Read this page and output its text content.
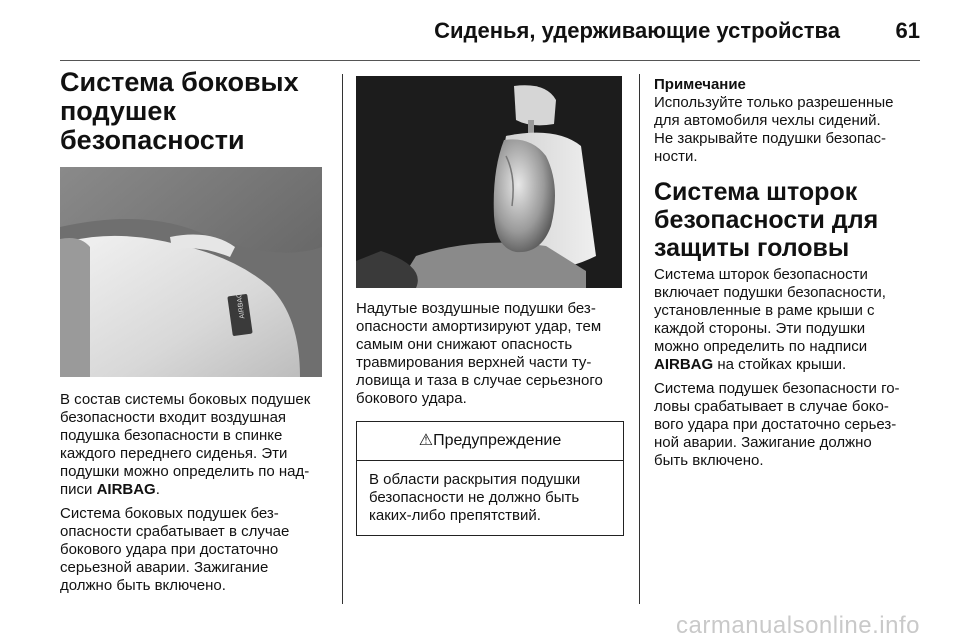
Сиденья, удерживающие устройства	61
Система боковых
подушек безопасности
AIRBAG

В состав системы боковых подушек
безопасности входит воздушная
подушка безопасности в спинке
каждого переднего сиденья. Эти
подушки можно определить по над-
писи AIRBAG.

Система боковых подушек без-
опасности срабатывает в случае
бокового удара при достаточно
серьезной аварии. Зажигание
должно быть включено.

Надутые воздушные подушки без-
опасности амортизируют удар, тем
самым они снижают опасность
травмирования верхней части ту-
ловища и таза в случае серьезного
бокового удара.

⚠Предупреждение

В области раскрытия подушки
безопасности не должно быть
каких-либо препятствий.

Примечание

Используйте только разрешенные
для автомобиля чехлы сидений.
Не закрывайте подушки безопас-
ности.

Система шторок
безопасности для
защиты головы

Система шторок безопасности
включает подушки безопасности,
установленные в раме крыши с
каждой стороны. Эти подушки
можно определить по надписи
AIRBAG на стойках крыши.

Система подушек безопасности го-
ловы срабатывает в случае боко-
вого удара при достаточно серьез-
ной аварии. Зажигание должно
быть включено.

carmanualsonline.info
